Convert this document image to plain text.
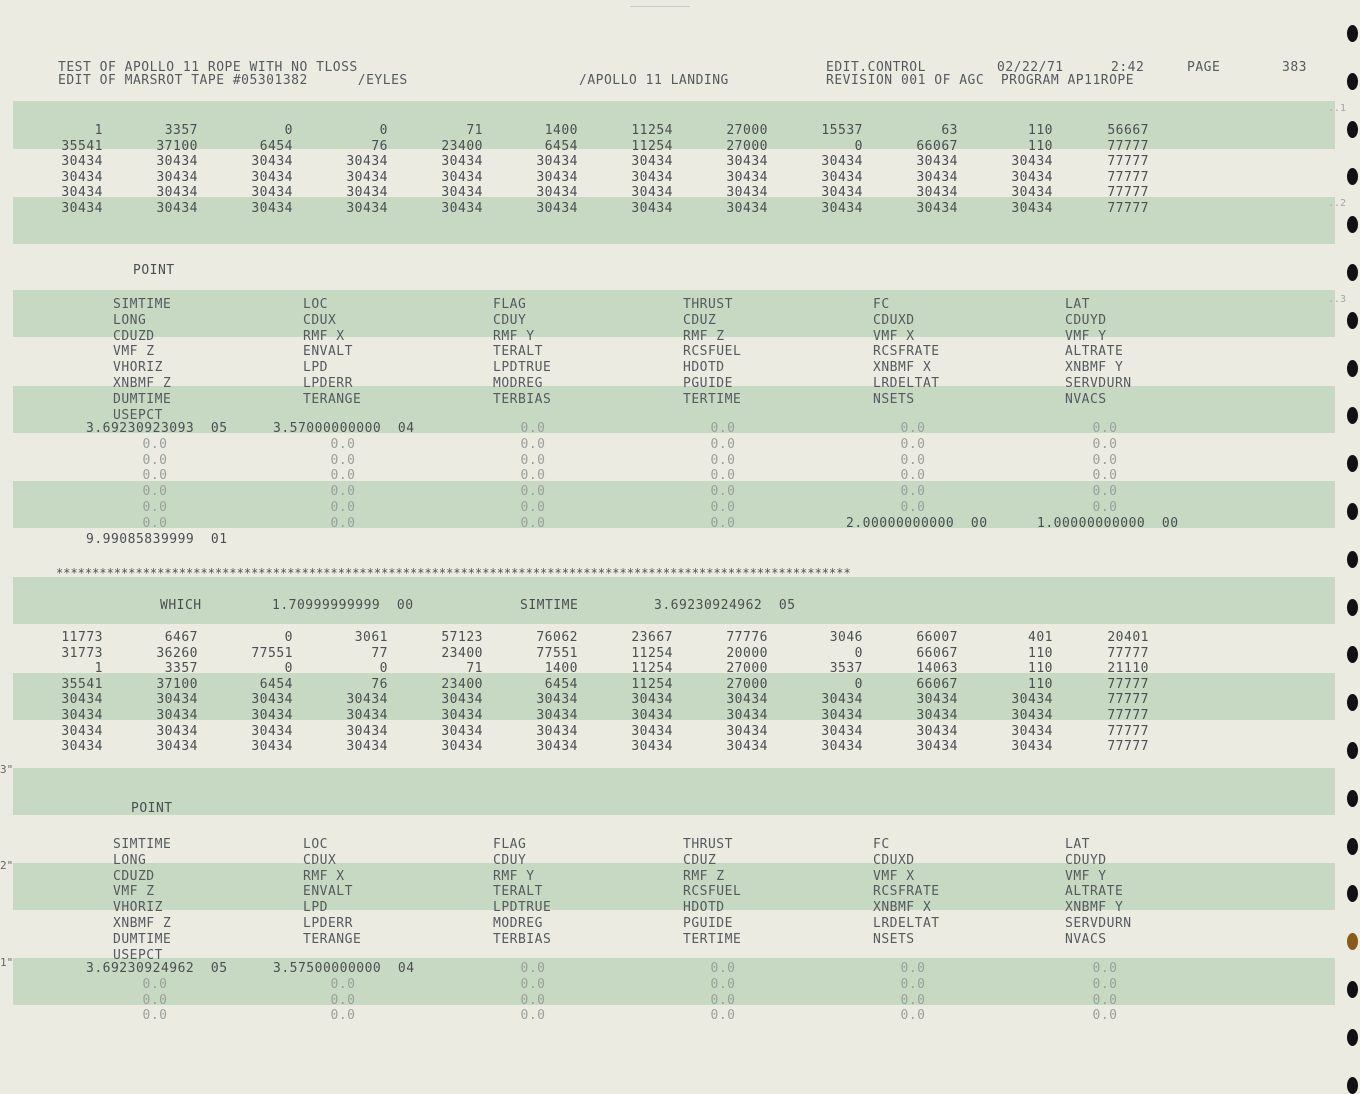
TEST OF APOLLO 11 ROPE WITH NO TLOSS
EDIT OF MARSROT TAPE #05301382      /EYLES	/APOLLO 11 LANDING
EDIT.CONTROL	02/22/71	2:42	PAGE	383
REVISION 001 OF AGC  PROGRAM AP11ROPE
1	3357	0	0	71	1400	11254	27000	15537	63	110	56667
35541	37100	6454	76	23400	6454	11254	27000	0	66067	110	77777
30434	30434	30434	30434	30434	30434	30434	30434	30434	30434	30434	77777
30434	30434	30434	30434	30434	30434	30434	30434	30434	30434	30434	77777
30434	30434	30434	30434	30434	30434	30434	30434	30434	30434	30434	77777
30434	30434	30434	30434	30434	30434	30434	30434	30434	30434	30434	77777
POINT
SIMTIME	LOC	FLAG	THRUST	FC	LAT
LONG	CDUX	CDUY	CDUZ	CDUXD	CDUYD
CDUZD	RMF X	RMF Y	RMF Z	VMF X	VMF Y
VMF Z	ENVALT	TERALT	RCSFUEL	RCSFRATE	ALTRATE
VHORIZ	LPD	LPDTRUE	HDOTD	XNBMF X	XNBMF Y
XNBMF Z	LPDERR	MODREG	PGUIDE	LRDELTAT	SERVDURN
DUMTIME	TERANGE	TERBIAS	TERTIME	NSETS	NVACS
USEPCT
3.69230923093  05	3.57000000000  04	0.0	0.0	0.0	0.0
0.0	0.0	0.0	0.0	0.0	0.0
0.0	0.0	0.0	0.0	0.0	0.0
0.0	0.0	0.0	0.0	0.0	0.0
0.0	0.0	0.0	0.0	0.0	0.0
0.0	0.0	0.0	0.0	0.0	0.0
0.0	0.0	0.0	0.0	2.00000000000  00	1.00000000000  00
9.99085839999  01
**************************************************************************************************************
WHICH	1.70999999999  00	SIMTIME	3.69230924962  05
11773	6467	0	3061	57123	76062	23667	77776	3046	66007	401	20401
31773	36260	77551	77	23400	77551	11254	20000	0	66067	110	77777
1	3357	0	0	71	1400	11254	27000	3537	14063	110	21110
35541	37100	6454	76	23400	6454	11254	27000	0	66067	110	77777
30434	30434	30434	30434	30434	30434	30434	30434	30434	30434	30434	77777
30434	30434	30434	30434	30434	30434	30434	30434	30434	30434	30434	77777
30434	30434	30434	30434	30434	30434	30434	30434	30434	30434	30434	77777
30434	30434	30434	30434	30434	30434	30434	30434	30434	30434	30434	77777
POINT
SIMTIME	LOC	FLAG	THRUST	FC	LAT
LONG	CDUX	CDUY	CDUZ	CDUXD	CDUYD
CDUZD	RMF X	RMF Y	RMF Z	VMF X	VMF Y
VMF Z	ENVALT	TERALT	RCSFUEL	RCSFRATE	ALTRATE
VHORIZ	LPD	LPDTRUE	HDOTD	XNBMF X	XNBMF Y
XNBMF Z	LPDERR	MODREG	PGUIDE	LRDELTAT	SERVDURN
DUMTIME	TERANGE	TERBIAS	TERTIME	NSETS	NVACS
USEPCT
3.69230924962  05	3.57500000000  04	0.0	0.0	0.0	0.0
0.0	0.0	0.0	0.0	0.0	0.0
0.0	0.0	0.0	0.0	0.0	0.0
0.0	0.0	0.0	0.0	0.0	0.0
3"
2"
1"
..1
..2
..3
